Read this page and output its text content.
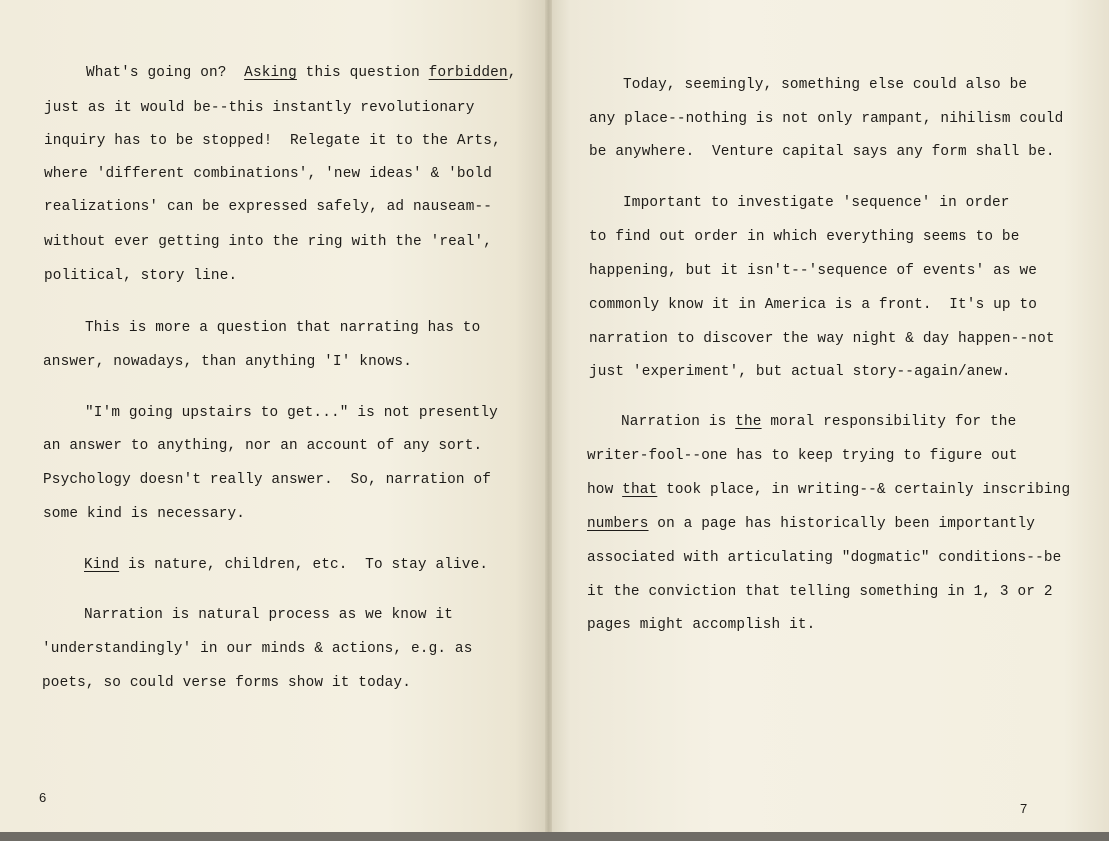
What's going on?  Asking this question forbidden,
just as it would be--this instantly revolutionary
inquiry has to be stopped!  Relegate it to the Arts,
where 'different combinations', 'new ideas' & 'bold
realizations' can be expressed safely, ad nauseam--
without ever getting into the ring with the 'real',
political, story line.
This is more a question that narrating has to
answer, nowadays, than anything 'I' knows.
"I'm going upstairs to get..." is not presently
an answer to anything, nor an account of any sort.
Psychology doesn't really answer.  So, narration of
some kind is necessary.
Kind is nature, children, etc.  To stay alive.
Narration is natural process as we know it
'understandingly' in our minds & actions, e.g. as
poets, so could verse forms show it today.
6
Today, seemingly, something else could also be
any place--nothing is not only rampant, nihilism could
be anywhere.  Venture capital says any form shall be.
Important to investigate 'sequence' in order
to find out order in which everything seems to be
happening, but it isn't--'sequence of events' as we
commonly know it in America is a front.  It's up to
narration to discover the way night & day happen--not
just 'experiment', but actual story--again/anew.
Narration is the moral responsibility for the
writer-fool--one has to keep trying to figure out
how that took place, in writing--& certainly inscribing
numbers on a page has historically been importantly
associated with articulating "dogmatic" conditions--be
it the conviction that telling something in 1, 3 or 2
pages might accomplish it.
7
